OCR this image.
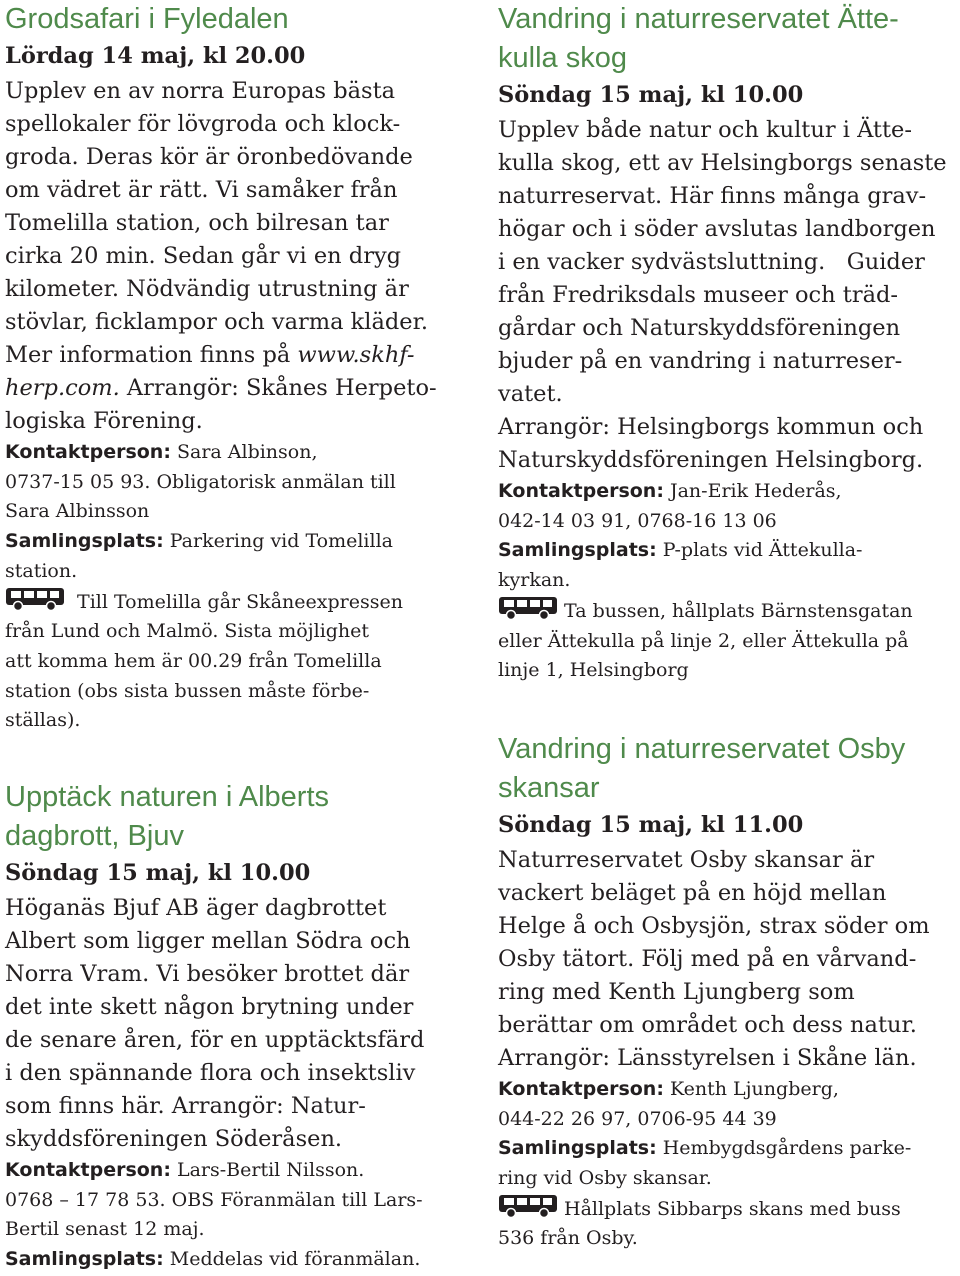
Grodsafari i Fyledalen
Lördag 14 maj, kl 20.00
Upplev en av norra Europas bästa
spellokaler för lövgroda och klock-
groda. Deras kör är öronbedövande
om vädret är rätt. Vi samåker från
Tomelilla station, och bilresan tar
cirka 20 min. Sedan går vi en dryg
kilometer. Nödvändig utrustning är
stövlar, ficklampor och varma kläder.
Mer information finns på www.skhf-
herp.com. Arrangör: Skånes Herpeto-
logiska Förening.
Kontaktperson: Sara Albinson,
0737-15 05 93. Obligatorisk anmälan till
Sara Albinsson
Samlingsplats: Parkering vid Tomelilla
station.
Till Tomelilla går Skåneexpressen
från Lund och Malmö. Sista möjlighet
att komma hem är 00.29 från Tomelilla
station (obs sista bussen måste förbe-
ställas).
Upptäck naturen i Alberts
dagbrott, Bjuv
Söndag 15 maj, kl 10.00
Höganäs Bjuf AB äger dagbrottet
Albert som ligger mellan Södra och
Norra Vram. Vi besöker brottet där
det inte skett någon brytning under
de senare åren, för en upptäcktsfärd
i den spännande flora och insektsliv
som finns här. Arrangör: Natur-
skyddsföreningen Söderåsen.
Kontaktperson: Lars-Bertil Nilsson.
0768 – 17 78 53. OBS Föranmälan till Lars-
Bertil senast 12 maj.
Samlingsplats: Meddelas vid föranmälan.
Vandring i naturreservatet Ätte-
kulla skog
Söndag 15 maj, kl 10.00
Upplev både natur och kultur i Ätte-
kulla skog, ett av Helsingborgs senaste
naturreservat. Här finns många grav-
högar och i söder avslutas landborgen
i en vacker sydvästsluttning.   Guider
från Fredriksdals museer och träd-
gårdar och Naturskyddsföreningen
bjuder på en vandring i naturreser-
vatet.
Arrangör: Helsingborgs kommun och
Naturskyddsföreningen Helsingborg.
Kontaktperson: Jan-Erik Hederås,
042-14 03 91, 0768-16 13 06
Samlingsplats: P-plats vid Ättekulla-
kyrkan.
Ta bussen, hållplats Bärnstensgatan
eller Ättekulla på linje 2, eller Ättekulla på
linje 1, Helsingborg
Vandring i naturreservatet Osby
skansar
Söndag 15 maj, kl 11.00
Naturreservatet Osby skansar är
vackert beläget på en höjd mellan
Helge å och Osbysjön, strax söder om
Osby tätort. Följ med på en vårvand-
ring med Kenth Ljungberg som
berättar om området och dess natur.
Arrangör: Länsstyrelsen i Skåne län.
Kontaktperson: Kenth Ljungberg,
044-22 26 97, 0706-95 44 39
Samlingsplats: Hembygdsgårdens parke-
ring vid Osby skansar.
Hållplats Sibbarps skans med buss
536 från Osby.
